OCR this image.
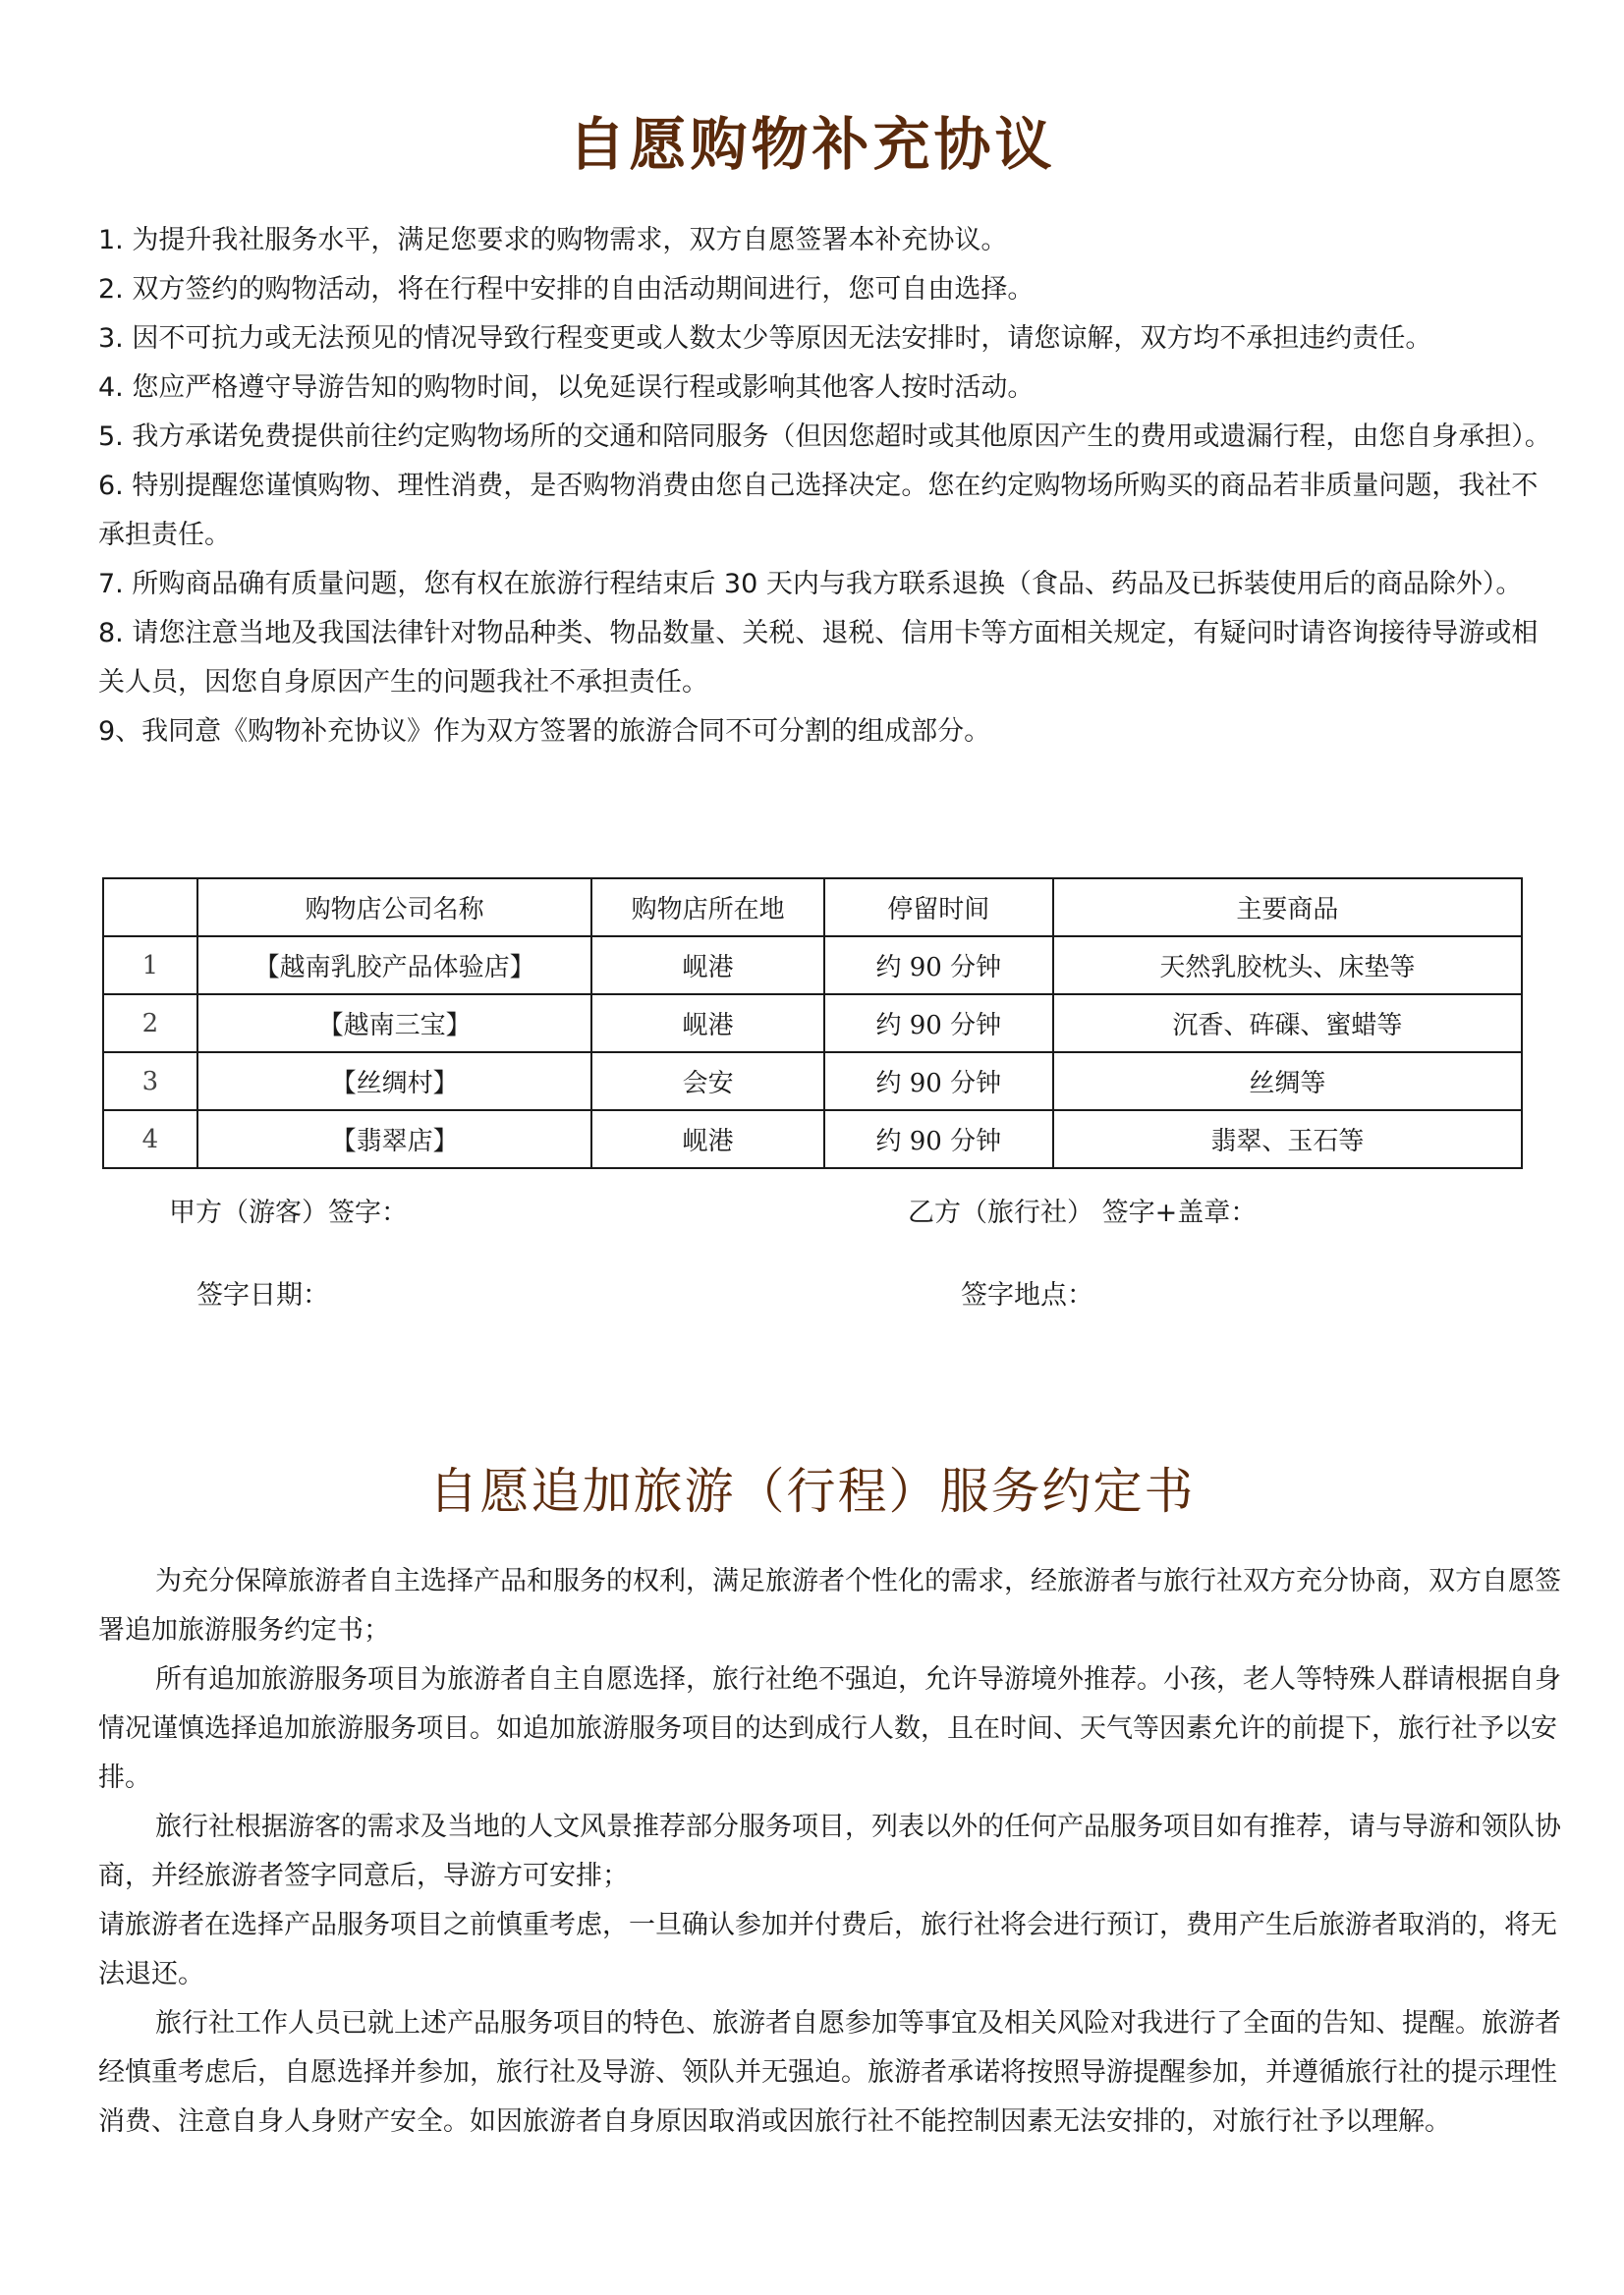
自愿购物补充协议

1. 为提升我社服务水平，满足您要求的购物需求，双方自愿签署本补充协议。

2. 双方签约的购物活动，将在行程中安排的自由活动期间进行，您可自由选择。

3. 因不可抗力或无法预见的情况导致行程变更或人数太少等原因无法安排时，请您谅解，双方均不承担违约责任。

4. 您应严格遵守导游告知的购物时间，以免延误行程或影响其他客人按时活动。

5. 我方承诺免费提供前往约定购物场所的交通和陪同服务（但因您超时或其他原因产生的费用或遗漏行程，由您自身承担）。

6. 特别提醒您谨慎购物、理性消费，是否购物消费由您自己选择决定。您在约定购物场所购买的商品若非质量问题，我社不承担责任。

7. 所购商品确有质量问题，您有权在旅游行程结束后 30 天内与我方联系退换（食品、药品及已拆装使用后的商品除外）。

8. 请您注意当地及我国法律针对物品种类、物品数量、关税、退税、信用卡等方面相关规定，有疑问时请咨询接待导游或相关人员，因您自身原因产生的问题我社不承担责任。

9、我同意《购物补充协议》作为双方签署的旅游合同不可分割的组成部分。

	购物店公司名称	购物店所在地	停留时间	主要商品
1	【越南乳胶产品体验店】	岘港	约 90 分钟	天然乳胶枕头、床垫等
2	【越南三宝】	岘港	约 90 分钟	沉香、砗磲、蜜蜡等
3	【丝绸村】	会安	约 90 分钟	丝绸等
4	【翡翠店】	岘港	约 90 分钟	翡翠、玉石等
甲方（游客）签字：	乙方（旅行社） 签字+盖章：
签字日期：	签字地点：
自愿追加旅游（行程）服务约定书

为充分保障旅游者自主选择产品和服务的权利，满足旅游者个性化的需求，经旅游者与旅行社双方充分协商，双方自愿签署追加旅游服务约定书；

所有追加旅游服务项目为旅游者自主自愿选择，旅行社绝不强迫，允许导游境外推荐。小孩，老人等特殊人群请根据自身情况谨慎选择追加旅游服务项目。如追加旅游服务项目的达到成行人数，且在时间、天气等因素允许的前提下，旅行社予以安排。

旅行社根据游客的需求及当地的人文风景推荐部分服务项目，列表以外的任何产品服务项目如有推荐，请与导游和领队协商，并经旅游者签字同意后，导游方可安排；

请旅游者在选择产品服务项目之前慎重考虑，一旦确认参加并付费后，旅行社将会进行预订，费用产生后旅游者取消的，将无法退还。

旅行社工作人员已就上述产品服务项目的特色、旅游者自愿参加等事宜及相关风险对我进行了全面的告知、提醒。旅游者经慎重考虑后，自愿选择并参加，旅行社及导游、领队并无强迫。旅游者承诺将按照导游提醒参加，并遵循旅行社的提示理性消费、注意自身人身财产安全。如因旅游者自身原因取消或因旅行社不能控制因素无法安排的，对旅行社予以理解。
